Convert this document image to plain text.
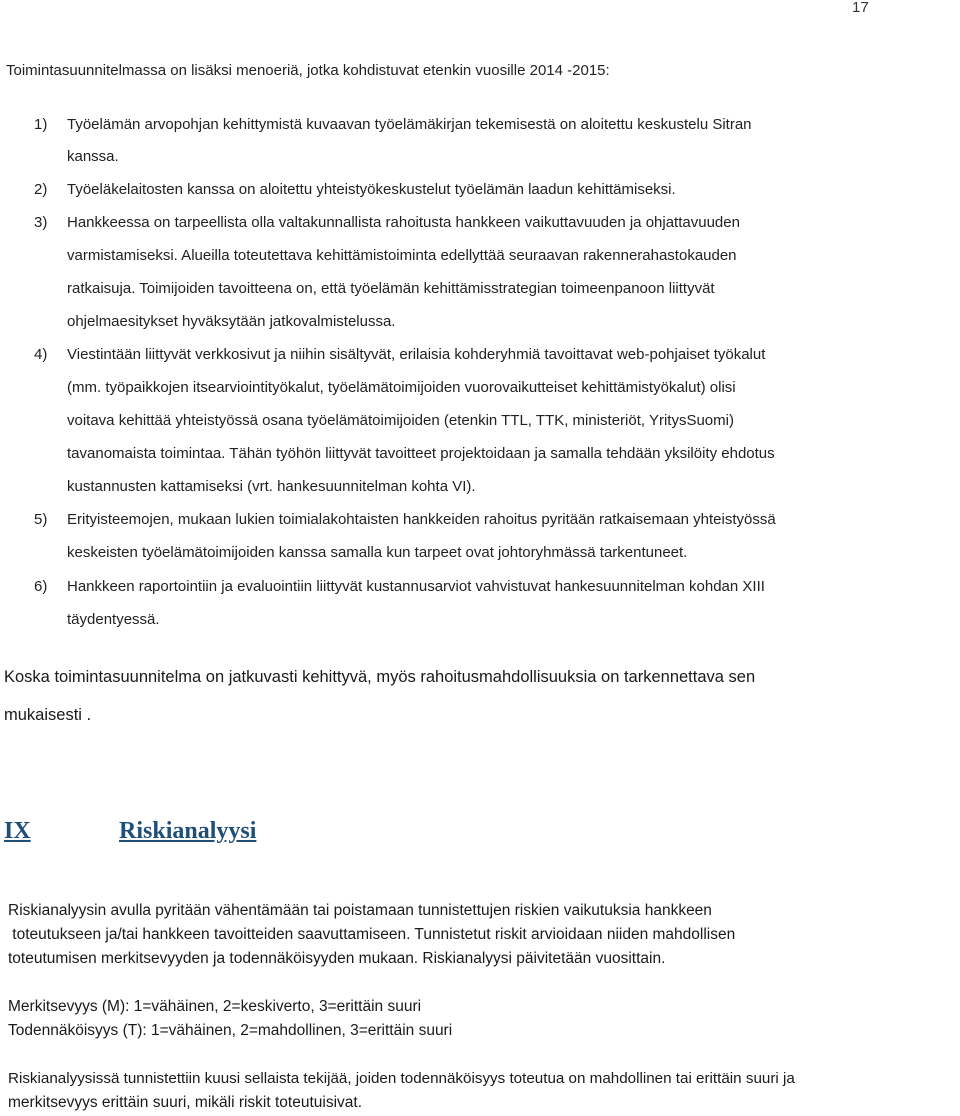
17
Toimintasuunnitelmassa on lisäksi menoeriä, jotka kohdistuvat etenkin vuosille 2014 -2015:
1) Työelämän arvopohjan kehittymistä kuvaavan työelämäkirjan tekemisestä on aloitettu keskustelu Sitran
kanssa.
2) Työeläkelaitosten kanssa on aloitettu yhteistyökeskustelut työelämän laadun kehittämiseksi.
3) Hankkeessa on tarpeellista olla valtakunnallista rahoitusta hankkeen vaikuttavuuden ja ohjattavuuden
varmistamiseksi. Alueilla toteutettava kehittämistoiminta edellyttää seuraavan rakennerahastokauden
ratkaisuja. Toimijoiden tavoitteena on, että työelämän kehittämisstrategian toimeenpanoon liittyvät
ohjelmaesitykset hyväksytään jatkovalmistelussa.
4) Viestintään liittyvät verkkosivut ja niihin sisältyvät, erilaisia kohderyhmiä tavoittavat web-pohjaiset työkalut
(mm. työpaikkojen itsearviointityökalut, työelämätoimijoiden vuorovaikutteiset kehittämistyökalut) olisi
voitava kehittää yhteistyössä osana työelämätoimijoiden (etenkin TTL, TTK, ministeriöt, YritysSuomi)
tavanomaista toimintaa. Tähän työhön liittyvät tavoitteet projektoidaan ja samalla tehdään yksilöity ehdotus
kustannusten kattamiseksi (vrt. hankesuunnitelman kohta VI).
5) Erityisteemojen, mukaan lukien toimialakohtaisten hankkeiden rahoitus pyritään ratkaisemaan yhteistyössä
keskeisten työelämätoimijoiden kanssa samalla kun tarpeet ovat johtoryhmässä tarkentuneet.
6) Hankkeen raportointiin ja evaluointiin liittyvät kustannusarviot vahvistuvat hankesuunnitelman kohdan XIII
täydentyessä.
Koska toimintasuunnitelma on jatkuvasti kehittyvä, myös rahoitusmahdollisuuksia on tarkennettava sen
mukaisesti .
IX	Riskianalyysi
Riskianalyysin avulla pyritään vähentämään tai poistamaan tunnistettujen riskien vaikutuksia hankkeen
toteutukseen ja/tai hankkeen tavoitteiden saavuttamiseen. Tunnistetut riskit arvioidaan niiden mahdollisen
toteutumisen merkitsevyyden ja todennäköisyyden mukaan. Riskianalyysi päivitetään vuosittain.
Merkitsevyys (M): 1=vähäinen, 2=keskiverto, 3=erittäin suuri
Todennäköisyys (T): 1=vähäinen, 2=mahdollinen, 3=erittäin suuri
Riskianalyysissä tunnistettiin kuusi sellaista tekijää, joiden todennäköisyys toteutua on mahdollinen tai erittäin suuri ja
merkitsevyys erittäin suuri, mikäli riskit toteutuisivat.
